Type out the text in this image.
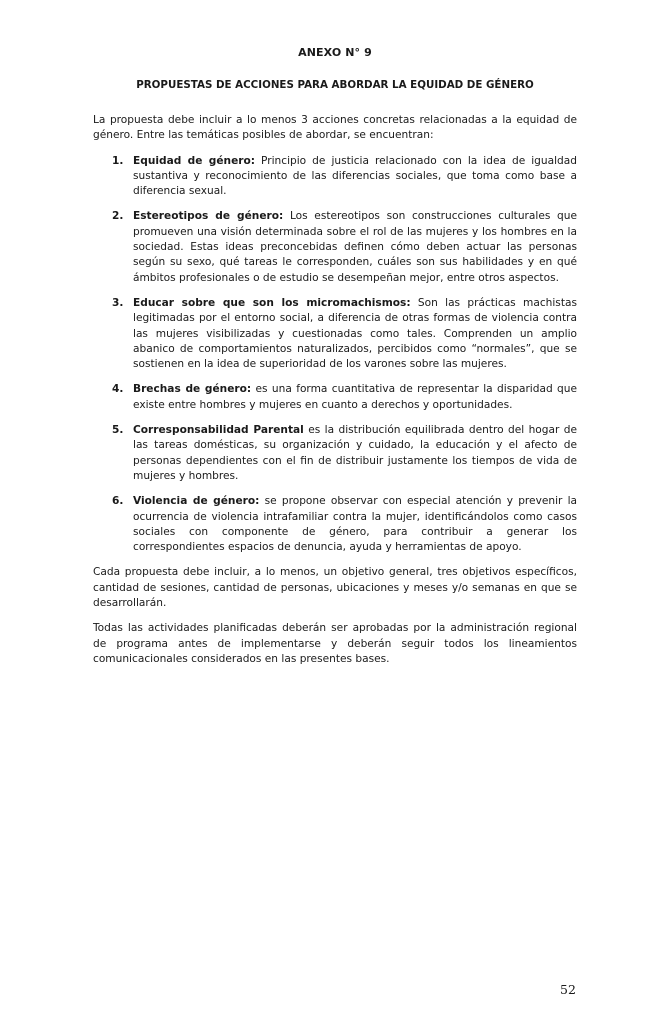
ANEXO N° 9
PROPUESTAS DE ACCIONES PARA ABORDAR LA EQUIDAD DE GÉNERO

La propuesta debe incluir a lo menos 3 acciones concretas relacionadas a la equidad de género. Entre las temáticas posibles de abordar, se encuentran:

1. Equidad de género: Principio de justicia relacionado con la idea de igualdad sustantiva y reconocimiento de las diferencias sociales, que toma como base a diferencia sexual.
2. Estereotipos de género: Los estereotipos son construcciones culturales que promueven una visión determinada sobre el rol de las mujeres y los hombres en la sociedad. Estas ideas preconcebidas definen cómo deben actuar las personas según su sexo, qué tareas le corresponden, cuáles son sus habilidades y en qué ámbitos profesionales o de estudio se desempeñan mejor, entre otros aspectos.
3. Educar sobre que son los micromachismos: Son las prácticas machistas legitimadas por el entorno social, a diferencia de otras formas de violencia contra las mujeres visibilizadas y cuestionadas como tales. Comprenden un amplio abanico de comportamientos naturalizados, percibidos como “normales”, que se sostienen en la idea de superioridad de los varones sobre las mujeres.
4. Brechas de género: es una forma cuantitativa de representar la disparidad que existe entre hombres y mujeres en cuanto a derechos y oportunidades.
5. Corresponsabilidad Parental es la distribución equilibrada dentro del hogar de las tareas domésticas, su organización y cuidado, la educación y el afecto de personas dependientes con el fin de distribuir justamente los tiempos de vida de mujeres y hombres.
6. Violencia de género: se propone observar con especial atención y prevenir la ocurrencia de violencia intrafamiliar contra la mujer, identificándolos como casos sociales con componente de género, para contribuir a generar los correspondientes espacios de denuncia, ayuda y herramientas de apoyo.

Cada propuesta debe incluir, a lo menos, un objetivo general, tres objetivos específicos, cantidad de sesiones, cantidad de personas, ubicaciones y meses y/o semanas en que se desarrollarán.

Todas las actividades planificadas deberán ser aprobadas por la administración regional de programa antes de implementarse y deberán seguir todos los lineamientos comunicacionales considerados en las presentes bases.

52
